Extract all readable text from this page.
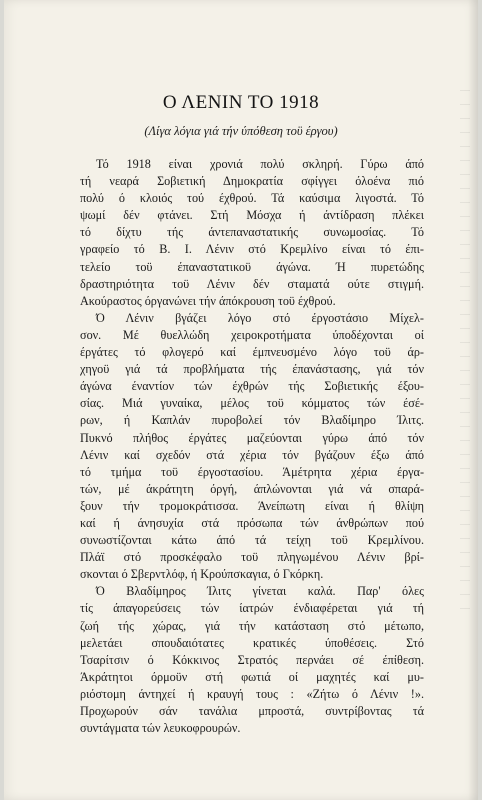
Ο ΛΕΝΙΝ ΤΟ 1918
(Λίγα λόγια γιά τήν ύπόθεση τοϋ έργου)
Τό 1918 είναι χρονιά πολύ σκληρή. Γύρω άπό
τή νεαρά Σοβιετική Δημοκρατία σφίγγει όλοένα πιό
πολύ ό κλοιός τού έχθρού. Τά καύσιμα λιγοστά. Τό
ψωμί δέν φτάνει. Στή Μόσχα ή άντίδραση πλέκει
τό δίχτυ τής άντεπαναστατικής συνωμοσίας. Τό
γραφείο τό Β. Ι. Λένιν στό Κρεμλίνο είναι τό έπι-
τελείο τοϋ έπαναστατικοϋ άγώνα. Ή πυρετώδης
δραστηριότητα τοϋ Λένιν δέν σταματά ούτε στιγμή.
Ακούραστος όργανώνει τήν άπόκρουση τοϋ έχθρού.
Ό Λένιν βγάζει λόγο στό έργοστάσιο Μίχελ-
σον. Μέ θυελλώδη χειροκροτήματα ύποδέχονται οί
έργάτες τό φλογερό καί έμπνευσμένο λόγο τοϋ άρ-
χηγοϋ γιά τά προβλήματα τής έπανάστασης, γιά τόν
άγώνα έναντίον τών έχθρών τής Σοβιετικής έξου-
σίας. Μιά γυναίκα, μέλος τοϋ κόμματος τών έσέ-
ρων, ή Καπλάν πυροβολεί τόν Βλαδίμηρο Ίλιτς.
Πυκνό πλήθος έργάτες μαζεύονται γύρω άπό τόν
Λένιν καί σχεδόν στά χέρια τόν βγάζουν έξω άπό
τό τμήμα τοϋ έργοστασίου. Άμέτρητα χέρια έργα-
τών, μέ άκράτητη όργή, άπλώνονται γιά νά σπαρά-
ξουν τήν τρομοκράτισσα. Άνείπωτη είναι ή θλίψη
καί ή άνησυχία στά πρόσωπα τών άνθρώπων πού
συνωστίζονται κάτω άπό τά τείχη τοϋ Κρεμλίνου.
Πλάϊ στό προσκέφαλο τοϋ πληγωμένου Λένιν βρί-
σκονται ό Σβερντλόφ, ή Κρούπσκαγια, ό Γκόρκη.
Ό Βλαδίμηρος Ίλιτς γίνεται καλά. Παρ' όλες
τίς άπαγορεύσεις τών ίατρών ένδιαφέρεται γιά τή
ζωή τής χώρας, γιά τήν κατάσταση στό μέτωπο,
μελετάει σπουδαιότατες κρατικές ύποθέσεις. Στό
Τσαρίτσιν ό Κόκκινος Στρατός περνάει σέ έπίθεση.
Άκράτητοι όρμοϋν στή φωτιά οί μαχητές καί μυ-
ριόστομη άντηχεί ή κραυγή τους : «Ζήτω ό Λένιν !».
Προχωρούν σάν τανάλια μπροστά, συντρίβοντας τά
συντάγματα τών λευκοφρουρών.
